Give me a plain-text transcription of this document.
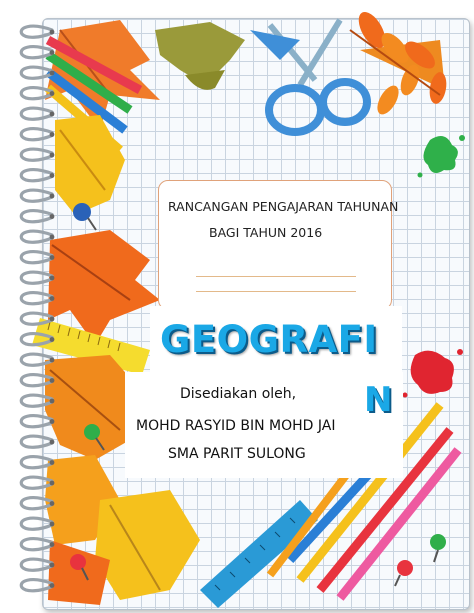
RANCANGAN PENGAJARAN TAHUNAN
BAGI TAHUN 2016
GEOGRAFI
N
Disediakan oleh,
MOHD RASYID BIN MOHD JAI
SMA PARIT SULONG
